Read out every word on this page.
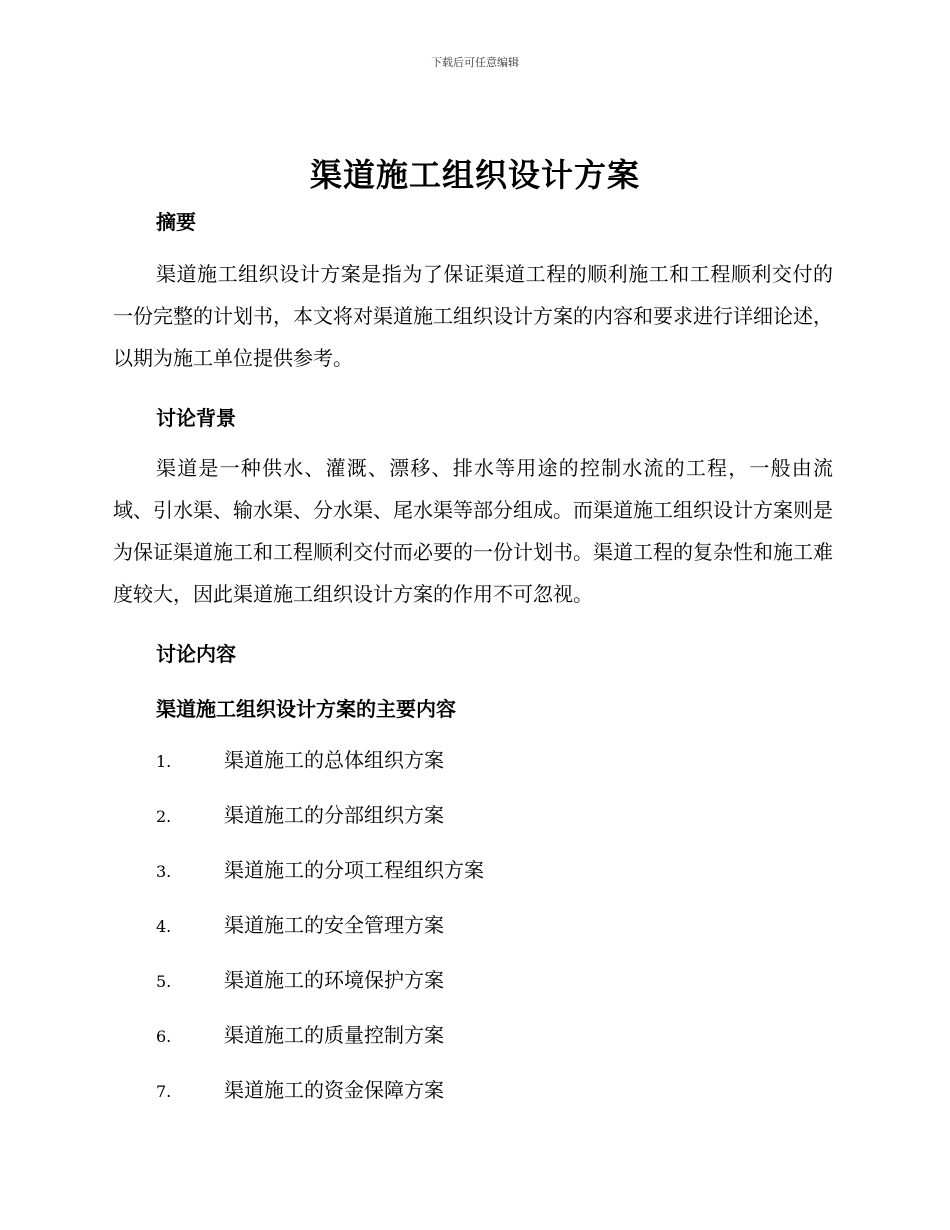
下载后可任意编辑
渠道施工组织设计方案
摘要

渠道施工组织设计方案是指为了保证渠道工程的顺利施工和工程顺利交付的一份完整的计划书，本文将对渠道施工组织设计方案的内容和要求进行详细论述，以期为施工单位提供参考。

讨论背景

渠道是一种供水、灌溉、漂移、排水等用途的控制水流的工程，一般由流域、引水渠、输水渠、分水渠、尾水渠等部分组成。而渠道施工组织设计方案则是为保证渠道施工和工程顺利交付而必要的一份计划书。渠道工程的复杂性和施工难度较大，因此渠道施工组织设计方案的作用不可忽视。

讨论内容
渠道施工组织设计方案的主要内容
1.	渠道施工的总体组织方案
2.	渠道施工的分部组织方案
3.	渠道施工的分项工程组织方案
4.	渠道施工的安全管理方案
5.	渠道施工的环境保护方案
6.	渠道施工的质量控制方案
7.	渠道施工的资金保障方案
